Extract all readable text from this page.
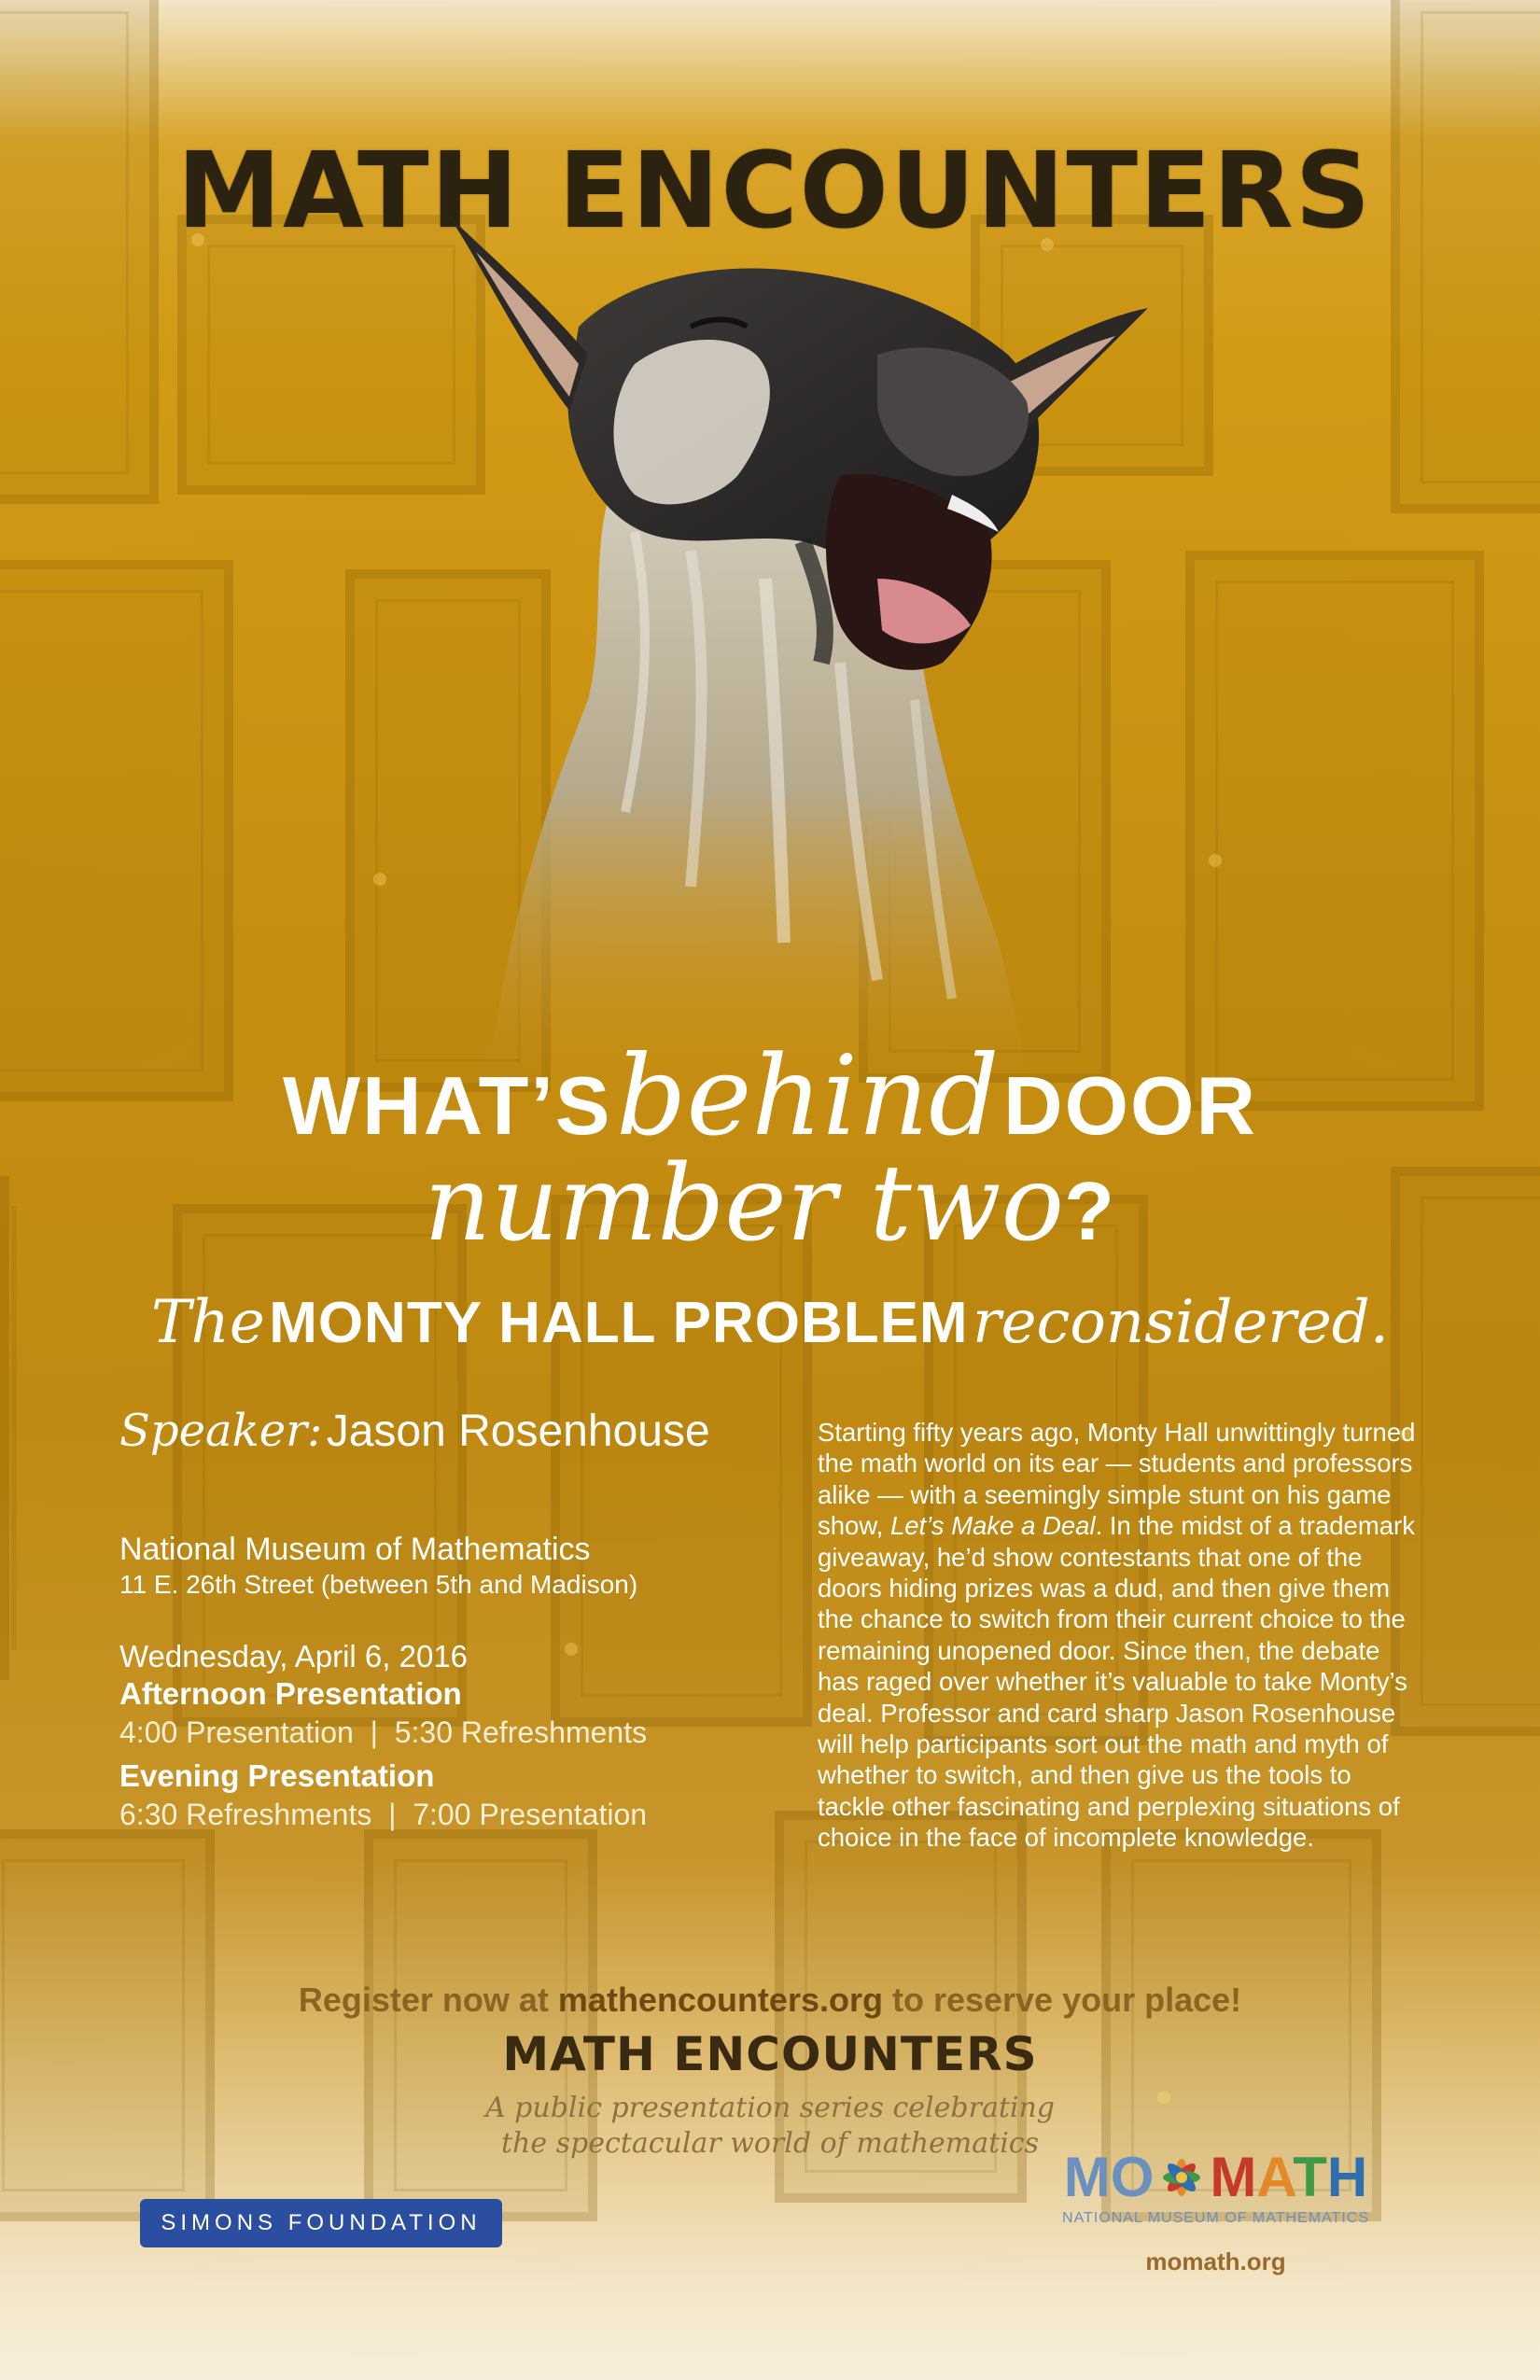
MATH ENCOUNTERS
WHAT’S behind DOOR
number two?
The MONTY HALL PROBLEM reconsidered.
Speaker: Jason Rosenhouse
National Museum of Mathematics
11 E. 26th Street (between 5th and Madison)
Wednesday, April 6, 2016
Afternoon Presentation
4:00 Presentation  |  5:30 Refreshments
Evening Presentation
6:30 Refreshments  |  7:00 Presentation
Starting fifty years ago, Monty Hall unwittingly turned the math world on its ear — students and professors alike — with a seemingly simple stunt on his game show, Let’s Make a Deal. In the midst of a trademark giveaway, he’d show contestants that one of the doors hiding prizes was a dud, and then give them the chance to switch from their current choice to the remaining unopened door. Since then, the debate has raged over whether it’s valuable to take Monty’s deal. Professor and card sharp Jason Rosenhouse will help participants sort out the math and myth of whether to switch, and then give us the tools to tackle other fascinating and perplexing situations of choice in the face of incomplete knowledge.
Register now at mathencounters.org to reserve your place!
MATH ENCOUNTERS
A public presentation series celebrating
the spectacular world of mathematics
SIMONS FOUNDATION
MO MATH
NATIONAL MUSEUM OF MATHEMATICS
momath.org
